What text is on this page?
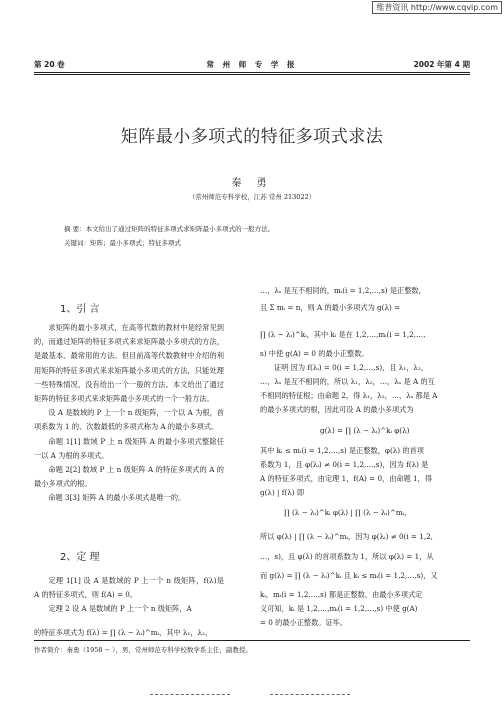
维普资讯 http://www.cqvip.com
第 20 卷	常 州 师 专 学 报	2002 年第 4 期
矩阵最小多项式的特征多项式求法
秦 勇
（常州师范专科学校，江苏 常州 213022）
摘 要：本文给出了通过矩阵的特征多项式求矩阵最小多项式的一般方法。
关键词：矩阵；最小多项式；特征多项式
1、引 言

求矩阵的最小多项式，在高等代数的教材中是经常见到的，而通过矩阵的特征多项式来求矩阵最小多项式的方法，是最基本、最常用的方法。但目前高等代数教材中介绍的利用矩阵的特征多项式来求矩阵最小多项式的方法，只能处理一些特殊情况，没有给出一个一般的方法。本文给出了通过矩阵的特征多项式来求矩阵最小多项式的一个一般方法。

设 A 是数域的 P 上一个 n 级矩阵，一个以 A 为根，首项系数为 1 的、次数最低的多项式称为 A 的最小多项式。

命题 1[1] 数域 P 上 n 级矩阵 A 的最小多项式整除任一以 A 为根的多项式。

命题 2[2] 数域 P 上 n 级矩阵 A 的特征多项式的 A 的最小多项式的根。

命题 3[3] 矩阵 A 的最小多项式是唯一的。

2、定 理

定理 1[1] 设 A 是数域的 P 上一个 n 级矩阵，f(λ)是 A 的特征多项式，则 f(A) = 0。

定理 2 设 A 是数域的 P 上一个 n 级矩阵，A

的特征多项式为 f(λ) = ∏ (λ − λᵢ)^mᵢ，其中 λ₁，λ₂，
…，λₛ 是互不相同的，mᵢ(i = 1,2,…,s) 是正整数，
且 Σ mᵢ = n，则 A 的最小多项式为 g(λ) =
∏ (λ − λᵢ)^kᵢ，其中 kᵢ 是在 1,2,…,mᵢ(i = 1,2,…,
s) 中使 g(A) = 0 的最小正整数。
证明 因为 f(λᵢ) = 0(i = 1,2,…,s)，且 λ₁，λ₂，
…，λₛ 是互不相同的，所以 λ₁，λ₂，…，λₛ 是 A 的互
不相同的特征根；由命题 2，得 λ₁，λ₂，…，λₛ 都是 A
的最小多项式的根，因此可设 A 的最小多项式为
g(λ) = ∏ (λ − λᵢ)^kᵢ φ(λ)
其中 kᵢ ≤ mᵢ(i = 1,2,…,s) 是正整数，φ(λ) 的首项
系数为 1，且 φ(λᵢ) ≠ 0(i = 1,2,…,s)，因为 f(λ) 是
A 的特征多项式，由定理 1，f(A) = 0，由命题 1，得
g(λ) | f(λ) 即
∏ (λ − λᵢ)^kᵢ φ(λ) | ∏ (λ − λᵢ)^mᵢ，
所以 φ(λ) | ∏ (λ − λᵢ)^mᵢ，因为 φ(λᵢ) ≠ 0(i = 1,2,
…，s)，且 φ(λ) 的首项系数为 1，所以 φ(λ) = 1，从
而 g(λ) = ∏ (λ − λᵢ)^kᵢ 且 kᵢ ≤ mᵢ(i = 1,2,…,s)，又
kᵢ，mᵢ(i = 1,2,…,s) 都是正整数，由最小多项式定
义可知，kᵢ 是 1,2,…,mᵢ(i = 1,2,…,s) 中使 g(A)
= 0 的最小正整数。证毕。
作者简介：秦勇（1958 − ），男，常州师范专科学校数学系主任，副教授。
